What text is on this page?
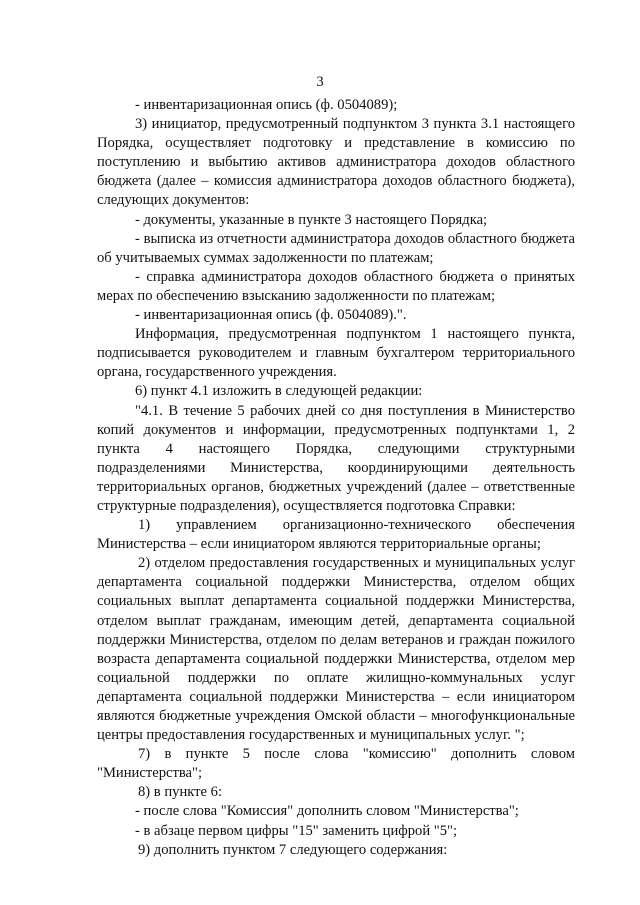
3

- инвентаризационная опись (ф. 0504089);

3) инициатор, предусмотренный подпунктом 3 пункта 3.1 настоящего Порядка, осуществляет подготовку и представление в комиссию по поступлению и выбытию активов администратора доходов областного бюджета (далее – комиссия администратора доходов областного бюджета), следующих документов:

- документы, указанные в пункте 3 настоящего Порядка;

- выписка из отчетности администратора доходов областного бюджета об учитываемых суммах задолженности по платежам;

- справка администратора доходов областного бюджета о принятых мерах по обеспечению взысканию задолженности по платежам;

- инвентаризационная опись (ф. 0504089).".

Информация, предусмотренная подпунктом 1 настоящего пункта, подписывается руководителем и главным бухгалтером территориального органа, государственного учреждения.

6) пункт 4.1 изложить в следующей редакции:

"4.1. В течение 5 рабочих дней со дня поступления в Министерство копий документов и информации, предусмотренных подпунктами 1, 2 пункта 4 настоящего Порядка, следующими структурными подразделениями Министерства, координирующими деятельность территориальных органов, бюджетных учреждений (далее – ответственные структурные подразделения), осуществляется подготовка Справки:

1) управлением организационно-технического обеспечения Министерства – если инициатором являются территориальные органы;

2) отделом предоставления государственных и муниципальных услуг департамента социальной поддержки Министерства, отделом общих социальных выплат департамента социальной поддержки Министерства, отделом выплат гражданам, имеющим детей, департамента социальной поддержки Министерства, отделом по делам ветеранов и граждан пожилого возраста департамента социальной поддержки Министерства, отделом мер социальной поддержки по оплате жилищно-коммунальных услуг департамента социальной поддержки Министерства – если инициатором являются бюджетные учреждения Омской области – многофункциональные центры предоставления государственных и муниципальных услуг. ";

7) в пункте 5 после слова "комиссию" дополнить словом "Министерства";

8) в пункте 6:

- после слова "Комиссия" дополнить словом "Министерства";

- в абзаце первом цифры "15" заменить цифрой "5";

9) дополнить пунктом 7 следующего содержания:
